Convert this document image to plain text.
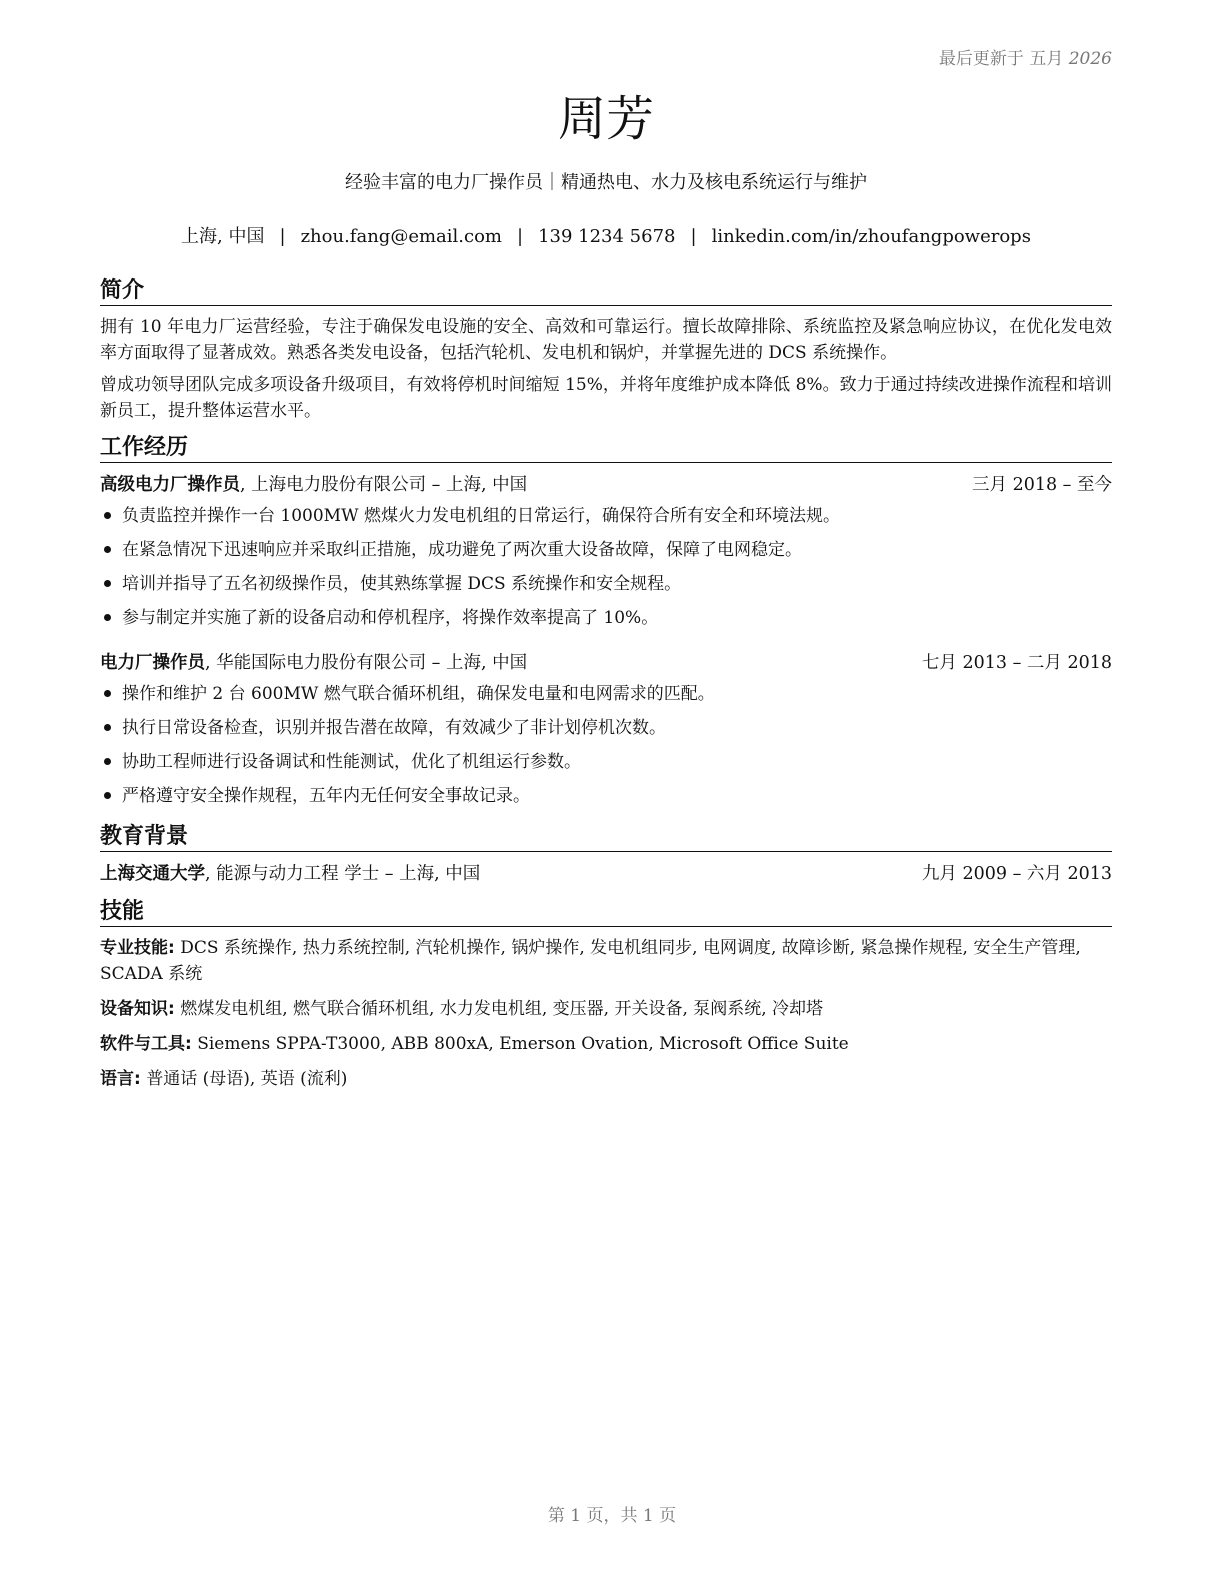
最后更新于 五月 2026
周芳
经验丰富的电力厂操作员｜精通热电、水力及核电系统运行与维护
上海, 中国 | zhou.fang@email.com | 139 1234 5678 | linkedin.com/in/zhoufangpowerops
简介

拥有 10 年电力厂运营经验，专注于确保发电设施的安全、高效和可靠运行。擅长故障排除、系统监控及紧急响应协议，在优化发电效率方面取得了显著成效。熟悉各类发电设备，包括汽轮机、发电机和锅炉，并掌握先进的 DCS 系统操作。

曾成功领导团队完成多项设备升级项目，有效将停机时间缩短 15%，并将年度维护成本降低 8%。致力于通过持续改进操作流程和培训新员工，提升整体运营水平。

工作经历
高级电力厂操作员, 上海电力股份有限公司 – 上海, 中国	三月 2018 – 至今
负责监控并操作一台 1000MW 燃煤火力发电机组的日常运行，确保符合所有安全和环境法规。
在紧急情况下迅速响应并采取纠正措施，成功避免了两次重大设备故障，保障了电网稳定。
培训并指导了五名初级操作员，使其熟练掌握 DCS 系统操作和安全规程。
参与制定并实施了新的设备启动和停机程序，将操作效率提高了 10%。
电力厂操作员, 华能国际电力股份有限公司 – 上海, 中国	七月 2013 – 二月 2018
操作和维护 2 台 600MW 燃气联合循环机组，确保发电量和电网需求的匹配。
执行日常设备检查，识别并报告潜在故障，有效减少了非计划停机次数。
协助工程师进行设备调试和性能测试，优化了机组运行参数。
严格遵守安全操作规程，五年内无任何安全事故记录。
教育背景
上海交通大学, 能源与动力工程 学士 – 上海, 中国	九月 2009 – 六月 2013
技能

专业技能: DCS 系统操作, 热力系统控制, 汽轮机操作, 锅炉操作, 发电机组同步, 电网调度, 故障诊断, 紧急操作规程, 安全生产管理, SCADA 系统

设备知识: 燃煤发电机组, 燃气联合循环机组, 水力发电机组, 变压器, 开关设备, 泵阀系统, 冷却塔

软件与工具: Siemens SPPA-T3000, ABB 800xA, Emerson Ovation, Microsoft Office Suite

语言: 普通话 (母语), 英语 (流利)

第 1 页，共 1 页
